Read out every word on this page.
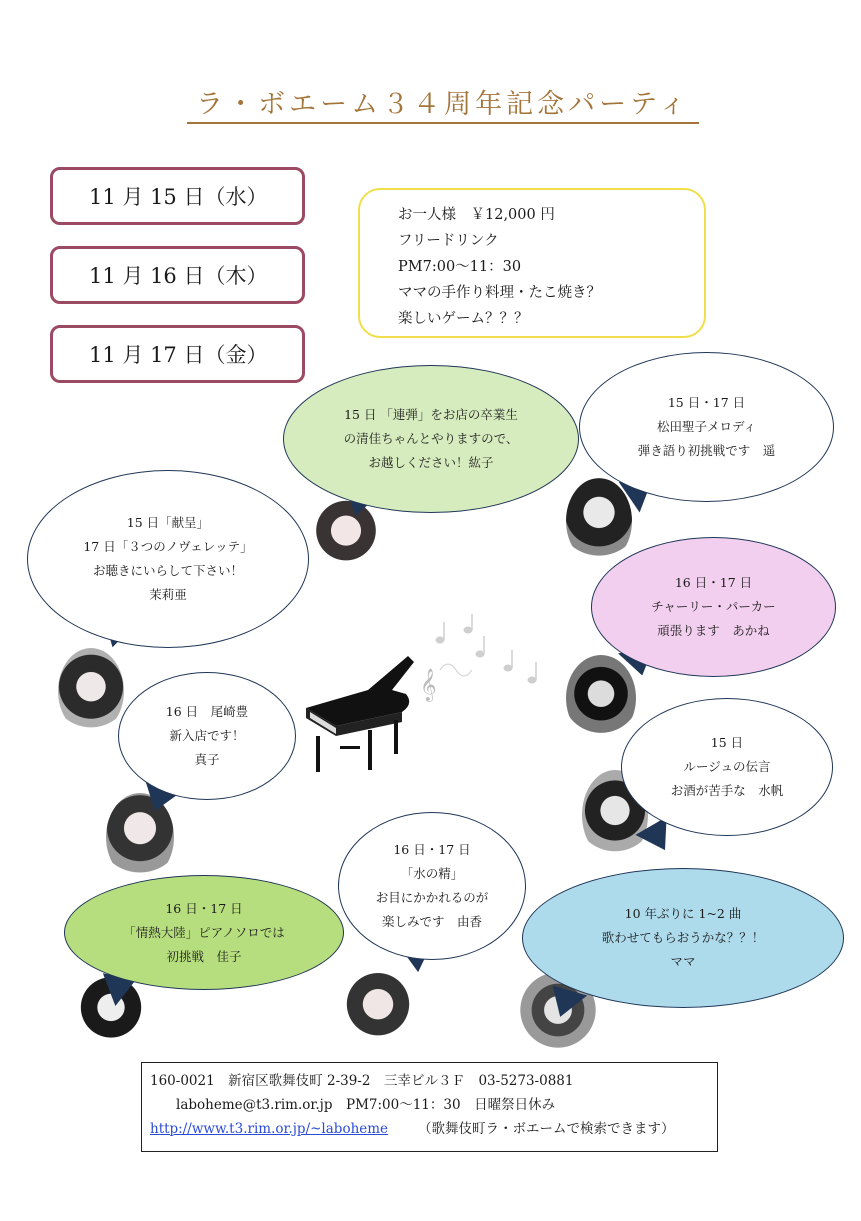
ラ・ボエーム３４周年記念パーティ
11 月 15 日（水）
11 月 16 日（木）
11 月 17 日（金）
お一人様　￥12,000 円
フリードリンク
PM7:00〜11：30
ママの手作り料理・たこ焼き？
楽しいゲーム？？？
15 日 「連弾」をお店の卒業生
の清佳ちゃんとやりますので、
お越しください！紘子
15 日・17 日
松田聖子メロディ
弾き語り初挑戦です　遥
15 日「献呈」
17 日「３つのノヴェレッテ」
お聴きにいらして下さい！
茉莉亜
16 日・17 日
チャーリー・パーカー
頑張ります　あかね
16 日　尾崎豊
新入店です！
真子
15 日
ルージュの伝言
お酒が苦手な　水帆
16 日・17 日
「水の精」
お目にかかれるのが
楽しみです　由香
16 日・17 日
「情熱大陸」ピアノソロでは
初挑戦　佳子
10 年ぶりに 1~2 曲
歌わせてもらおうかな？？！
ママ
𝄞
160-0021　新宿区歌舞伎町 2-39-2　三幸ビル３Ｆ　03-5273-0881
laboheme@t3.rim.or.jp　PM7:00〜11：30　日曜祭日休み
http://www.t3.rim.or.jp/~laboheme （歌舞伎町ラ・ボエームで検索できます）
